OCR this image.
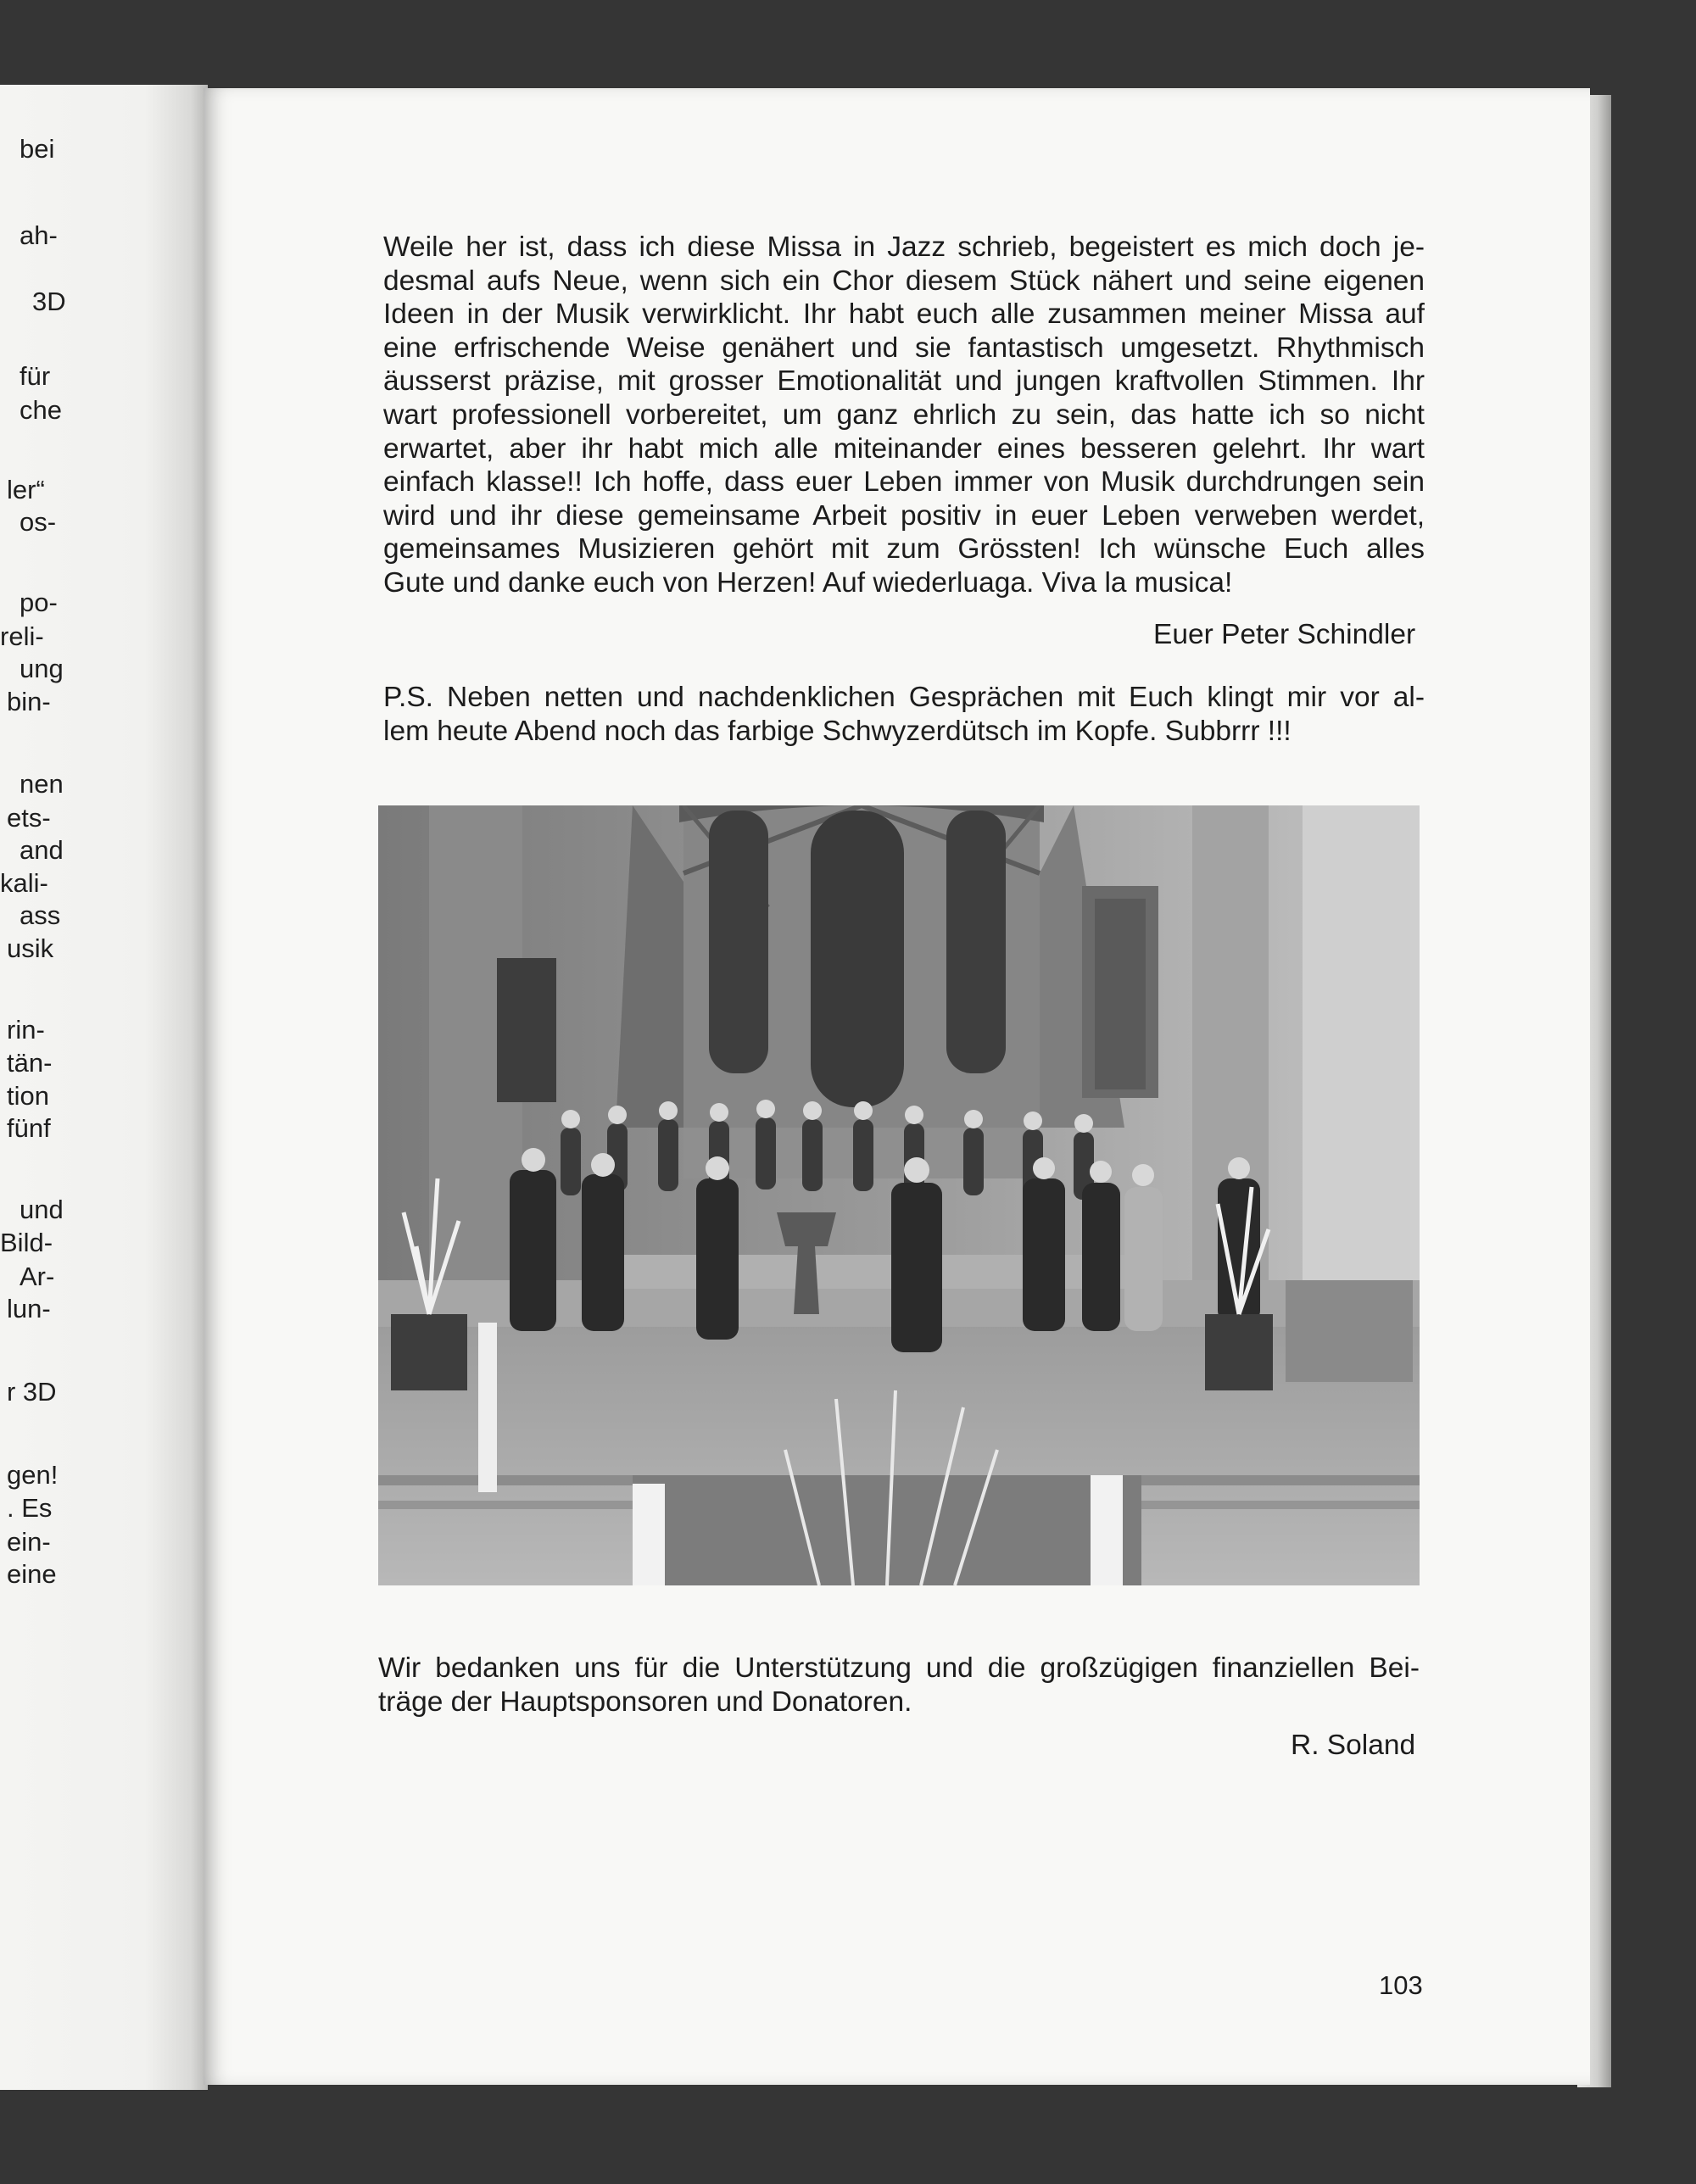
bei
ah-
3D
für
che
ler“
os-
po-
reli-
ung
bin-
nen
ets-
and
kali-
ass
usik
rin-
tän-
tion
fünf
und
Bild-
Ar-
lun-
r 3D
gen!
. Es
ein-
eine
Weile her ist, dass ich diese Missa in Jazz schrieb, begeistert es mich doch je-
desmal aufs Neue, wenn sich ein Chor diesem Stück nähert und seine eigenen
Ideen in der Musik verwirklicht. Ihr habt euch alle zusammen meiner Missa auf
eine erfrischende Weise genähert und sie fantastisch umgesetzt. Rhythmisch
äusserst präzise, mit grosser Emotionalität und jungen kraftvollen Stimmen. Ihr
wart professionell vorbereitet, um ganz ehrlich zu sein, das hatte ich so nicht
erwartet, aber ihr habt mich alle miteinander eines besseren gelehrt. Ihr wart
einfach klasse!! Ich hoffe, dass euer Leben immer von Musik durchdrungen sein
wird und ihr diese gemeinsame Arbeit positiv in euer Leben verweben werdet,
gemeinsames Musizieren gehört mit zum Grössten! Ich wünsche Euch alles
Gute und danke euch von Herzen! Auf wiederluaga. Viva la musica!
Euer Peter Schindler
P.S. Neben netten und nachdenklichen Gesprächen mit Euch klingt mir vor al-
lem heute Abend noch das farbige Schwyzerdütsch im Kopfe. Subbrrr !!!
Wir bedanken uns für die Unterstützung und die großzügigen finanziellen Bei-
träge der Hauptsponsoren und Donatoren.
R. Soland
103
